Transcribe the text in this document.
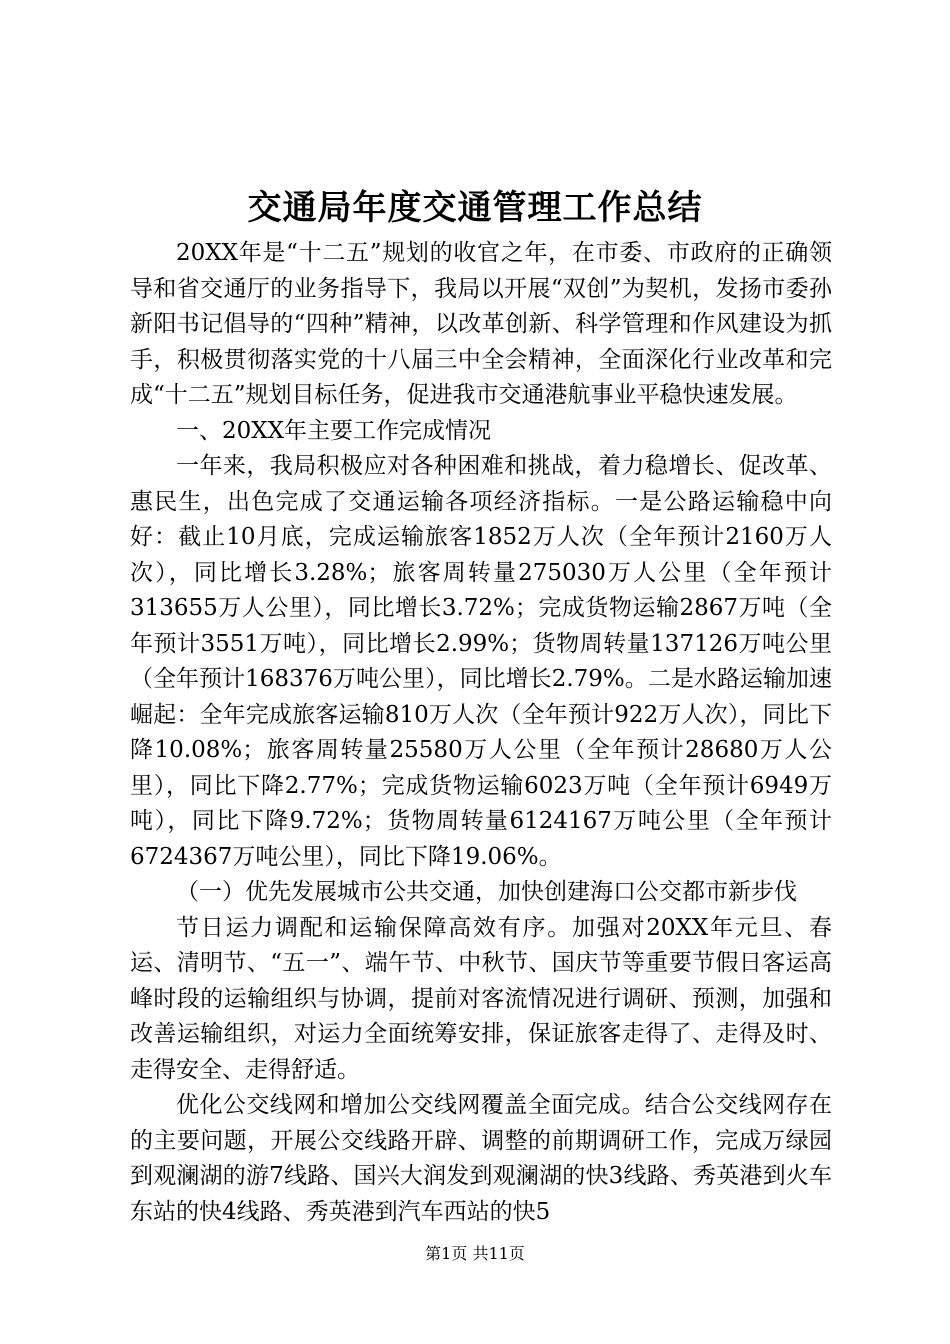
交通局年度交通管理工作总结

20XX年是“十二五”规划的收官之年，在市委、市政府的正确领导和省交通厅的业务指导下，我局以开展“双创”为契机，发扬市委孙新阳书记倡导的“四种”精神，以改革创新、科学管理和作风建设为抓手，积极贯彻落实党的十八届三中全会精神，全面深化行业改革和完成“十二五”规划目标任务，促进我市交通港航事业平稳快速发展。

一、20XX年主要工作完成情况

一年来，我局积极应对各种困难和挑战，着力稳增长、促改革、惠民生，出色完成了交通运输各项经济指标。一是公路运输稳中向好：截止10月底，完成运输旅客1852万人次（全年预计2160万人次），同比增长3.28%；旅客周转量275030万人公里（全年预计313655万人公里），同比增长3.72%；完成货物运输2867万吨（全年预计3551万吨），同比增长2.99%；货物周转量137126万吨公里（全年预计168376万吨公里），同比增长2.79%。二是水路运输加速崛起：全年完成旅客运输810万人次（全年预计922万人次），同比下降10.08%；旅客周转量25580万人公里（全年预计28680万人公里），同比下降2.77%；完成货物运输6023万吨（全年预计6949万吨），同比下降9.72%；货物周转量6124167万吨公里（全年预计6724367万吨公里），同比下降19.06%。

（一）优先发展城市公共交通，加快创建海口公交都市新步伐

节日运力调配和运输保障高效有序。加强对20XX年元旦、春运、清明节、“五一”、端午节、中秋节、国庆节等重要节假日客运高峰时段的运输组织与协调，提前对客流情况进行调研、预测，加强和改善运输组织，对运力全面统筹安排，保证旅客走得了、走得及时、走得安全、走得舒适。

优化公交线网和增加公交线网覆盖全面完成。结合公交线网存在的主要问题，开展公交线路开辟、调整的前期调研工作，完成万绿园到观澜湖的游7线路、国兴大润发到观澜湖的快3线路、秀英港到火车东站的快4线路、秀英港到汽车西站的快5

第1页 共11页
